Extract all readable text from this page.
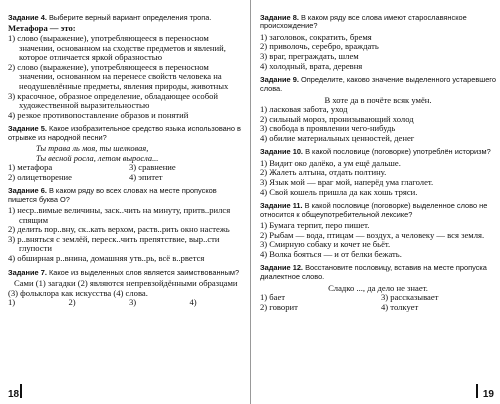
Задание 4. Выберите верный вариант определения тропа.

Метафора — это:
1) слово (выражение), употребляющееся в переносном значении, основанном на сходстве предметов и явлений, которое отличается яркой образностью
2) слово (выражение), употребляющееся в переносном значении, основанном на перенесе свойств человека на неодушевлённые предметы, явления природы, животных
3) красочное, образное определение, обладающее особой художественной выразительностью
4) резкое противопоставление образов и понятий

Задание 5. Какое изобразительное средство языка использовано в отрывке из народной песни?

Ты трава ль моя, ты шелковая,
Ты весной росла, летом выросла...
1) метафора	3) сравнение
2) олицетворение	4) эпитет

Задание 6. В каком ряду во всех словах на месте пропусков пишется буква О?

1) неср..вимые величины, заск..чить на минуту, притв..рился спящим
2) делить пор..вну, ск..кать верхом, раств..рить окно настежь
3) р..вняться с землёй, переск..чить препятствие, выр..сти глупости
4) обширная р..внина, домашняя утв..рь, всё в..рвется

Задание 7. Какое из выделенных слов является заимствованным?

Сами (1) загадки (2) являются непревзойдёнными образцами (3) фольклора как искусства (4) слова.
1)	2)	3)	4)
18

Задание 8. В каком ряду все слова имеют старославянское происхождение?

1) заголовок, сократить, бремя
2) приволочь, серебро, враждать
3) враг, преграждать, шлем
4) холодный, врата, деревня

Задание 9. Определите, каково значение выделенного устаревшего слова.

В хоте да в почёте всяк умён.
1) ласковая забота, уход
2) сильный мороз, пронизывающий холод
3) свобода в проявлении чего-нибудь
4) обилие материальных ценностей, денег

Задание 10. В какой пословице (поговорке) употреблён историзм?

1) Видит око далёко, а ум ещё дальше.
2) Жалеть алтына, отдать полтину.
3) Язык мой — враг мой, наперёд ума глаголет.
4) Свой кошель пришла да как хошь тряси.

Задание 11. В какой пословице (поговорке) выделенное слово не относится к общеупотребительной лексике?

1) Бумага терпит, перо пишет.
2) Рыбам — вода, птицам — воздух, а человеку — вся земля.
3) Смирную собаку и кочет не бьёт.
4) Волка бояться — и от белки бежать.

Задание 12. Восстановите пословицу, вставив на месте пропуска диалектное слово.

Сладко ..., да дело не знает.
1) бает	3) рассказывает
2) говорит	4) толкует
19
